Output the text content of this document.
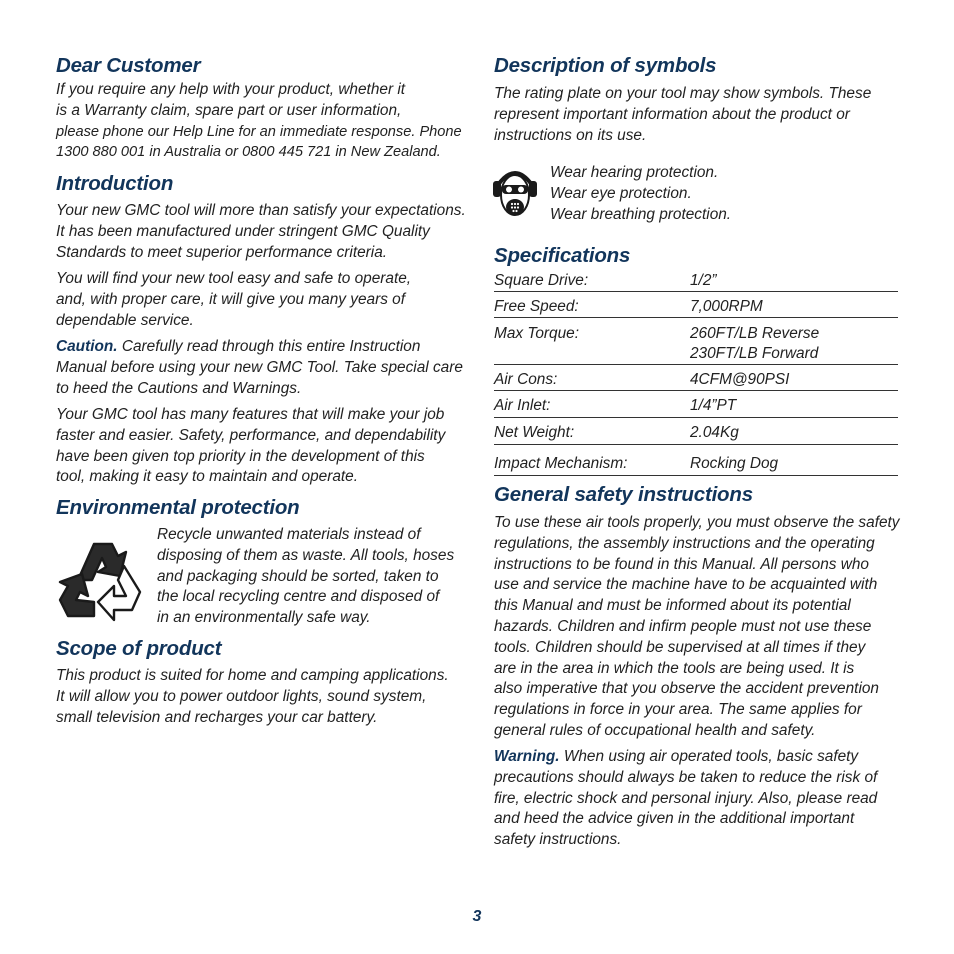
Dear Customer
If you require any help with your product, whether it
is a Warranty claim, spare part or user information,
please phone our Help Line for an immediate response. Phone
1300 880 001 in Australia or 0800 445 721 in New Zealand.
Introduction
Your new GMC tool will more than satisfy your expectations.
It has been manufactured under stringent GMC Quality
Standards to meet superior performance criteria.
You will find your new tool easy and safe to operate,
and, with proper care, it will give you many years of
dependable service.
Caution. Carefully read through this entire Instruction
Manual before using your new GMC Tool. Take special care
to heed the Cautions and Warnings.
Your GMC tool has many features that will make your job
faster and easier. Safety, performance, and dependability
have been given top priority in the development of this
tool, making it easy to maintain and operate.
Environmental protection
Recycle unwanted materials instead of
disposing of them as waste. All tools, hoses
and packaging should be sorted, taken to
the local recycling centre and disposed of
in an environmentally safe way.
Scope of product
This product is suited for home and camping applications.
It will allow you to power outdoor lights, sound system,
small television and recharges your car battery.
Description of symbols
The rating plate on your tool may show symbols. These
represent important information about the product or
instructions on its use.
Wear hearing protection.
Wear eye protection.
Wear breathing protection.
Specifications
Square Drive:	1/2”
Free Speed:	7,000RPM
Max Torque:	260FT/LB Reverse
230FT/LB Forward
Air Cons:	4CFM@90PSI
Air Inlet:	1/4”PT
Net Weight:	2.04Kg
Impact Mechanism:	Rocking Dog
General safety instructions
To use these air tools properly, you must observe the safety
regulations, the assembly instructions and the operating
instructions to be found in this Manual. All persons who
use and service the machine have to be acquainted with
this Manual and must be informed about its potential
hazards. Children and infirm people must not use these
tools. Children should be supervised at all times if they
are in the area in which the tools are being used. It is
also imperative that you observe the accident prevention
regulations in force in your area. The same applies for
general rules of occupational health and safety.
Warning. When using air operated tools, basic safety
precautions should always be taken to reduce the risk of
fire, electric shock and personal injury. Also, please read
and heed the advice given in the additional important
safety instructions.
3
